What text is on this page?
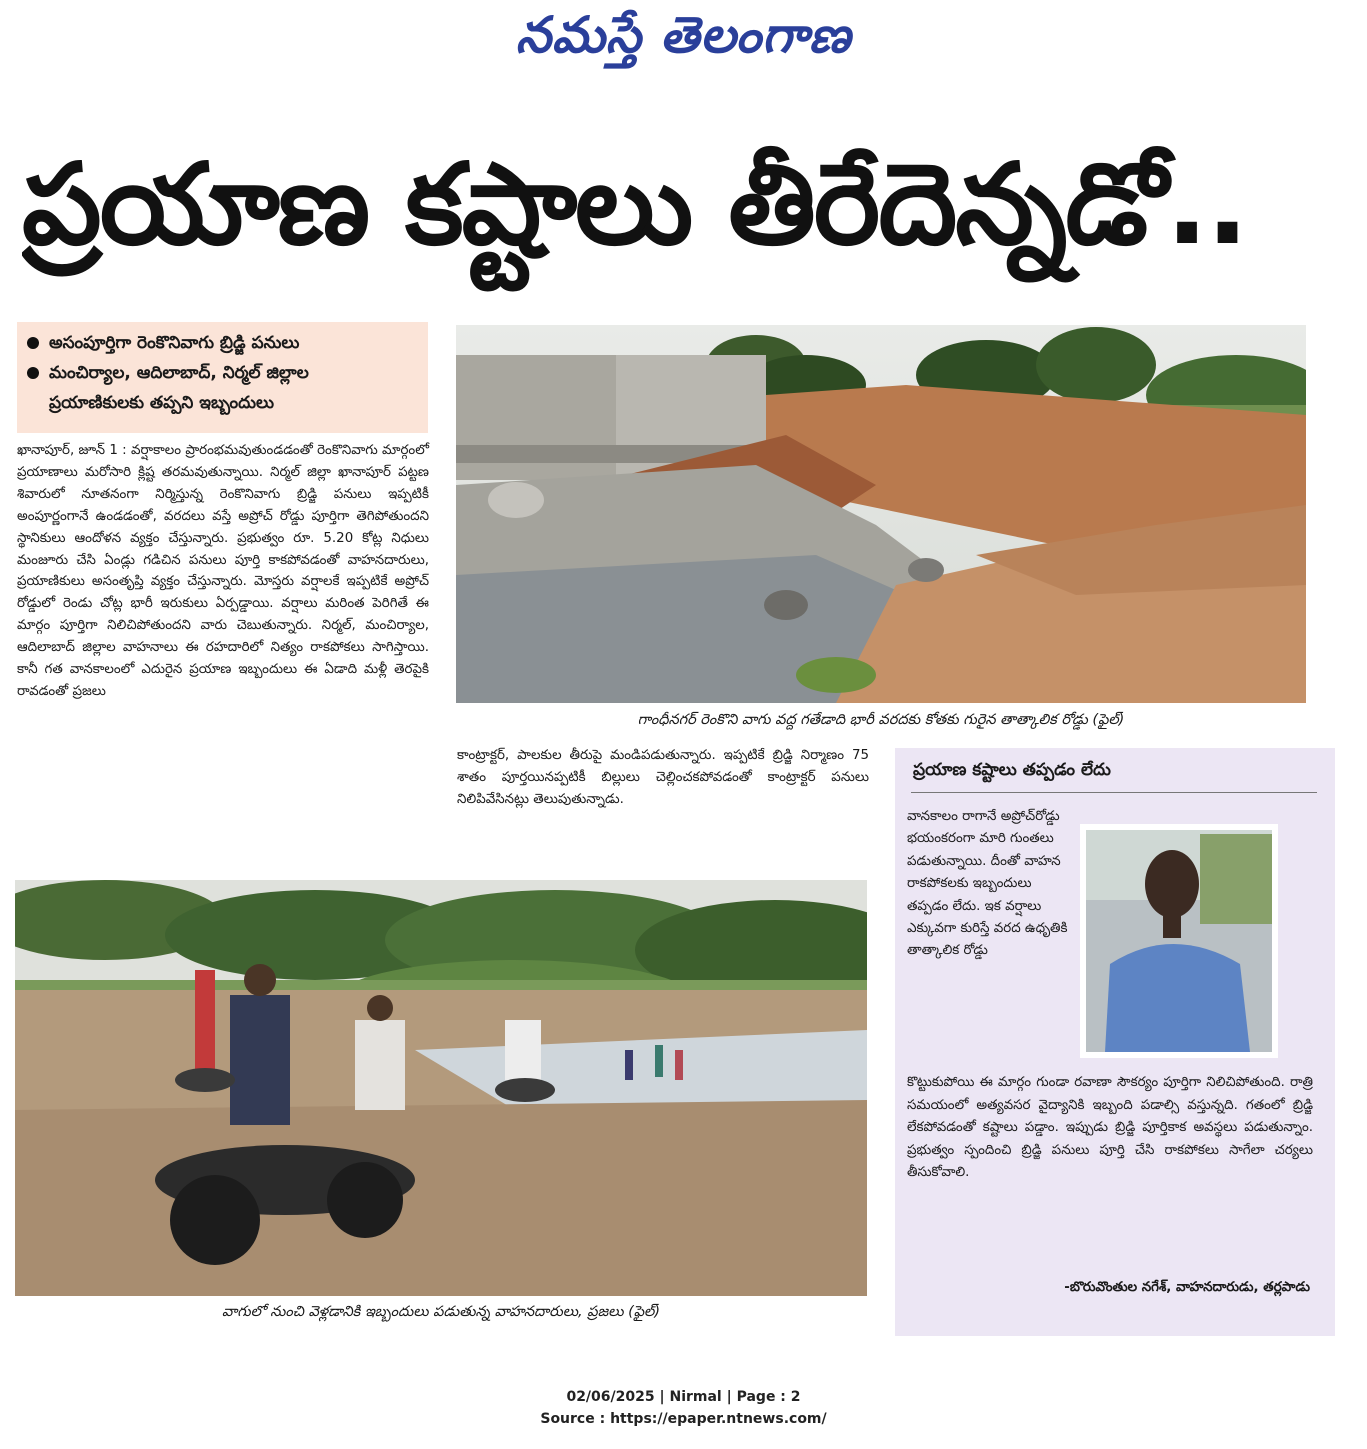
నమస్తే తెలంగాణ
ప్రయాణ కష్టాలు తీరేదెన్నడో..
అసంపూర్తిగా రెంకొనివాగు బ్రిడ్జి పనులు
మంచిర్యాల, ఆదిలాబాద్, నిర్మల్ జిల్లాల
ప్రయాణికులకు తప్పని ఇబ్బందులు
ఖానాపూర్, జూన్ 1 : వర్షాకాలం ప్రారంభమవుతుండడంతో రెంకొనివాగు మార్గంలో ప్రయాణాలు మరోసారి క్లిష్ట తరమవుతున్నాయి. నిర్మల్ జిల్లా ఖానాపూర్ పట్టణ శివారులో నూతనంగా నిర్మిస్తున్న రెంకొనివాగు బ్రిడ్జి పనులు ఇప్పటికీ అంపూర్ణంగానే ఉండడంతో, వరదలు వస్తే అప్రోచ్ రోడ్డు పూర్తిగా తెగిపోతుందని స్థానికులు ఆందోళన వ్యక్తం చేస్తున్నారు. ప్రభుత్వం రూ. 5.20 కోట్ల నిధులు మంజూరు చేసి ఏండ్లు గడిచిన పనులు పూర్తి కాకపోవడంతో వాహనదారులు, ప్రయాణికులు అసంతృప్తి వ్యక్తం చేస్తున్నారు. మోస్తరు వర్షాలకే ఇప్పటికే అప్రోచ్ రోడ్డులో రెండు చోట్ల భారీ ఇరుకులు ఏర్పడ్డాయి. వర్షాలు మరింత పెరిగితే ఈ మార్గం పూర్తిగా నిలిచిపోతుందని వారు చెబుతున్నారు. నిర్మల్, మంచిర్యాల, ఆదిలాబాద్ జిల్లాల వాహనాలు ఈ రహదారిలో నిత్యం రాకపోకలు సాగిస్తాయి. కానీ గత వానకాలంలో ఎదురైన ప్రయాణ ఇబ్బందులు ఈ ఏడాది మళ్లీ తెరపైకి రావడంతో ప్రజలు
గాంధీనగర్ రెంకొని వాగు వద్ద గతేడాది భారీ వరదకు కోతకు గురైన తాత్కాలిక రోడ్డు (ఫైల్)
కాంట్రాక్టర్, పాలకుల తీరుపై మండిపడుతున్నారు. ఇప్పటికే బ్రిడ్జి నిర్మాణం 75 శాతం పూర్తయినప్పటికీ బిల్లులు చెల్లించకపోవడంతో కాంట్రాక్టర్ పనులు నిలిపివేసినట్లు తెలుపుతున్నాడు.
వాగులో నుంచి వెళ్లడానికి ఇబ్బందులు పడుతున్న వాహనదారులు, ప్రజలు (ఫైల్)
ప్రయాణ కష్టాలు తప్పడం లేదు
వానకాలం రాగానే అప్రోచ్‌రోడ్డు భయంకరంగా మారి గుంతలు పడుతున్నాయి. దీంతో వాహన రాకపోకలకు ఇబ్బందులు తప్పడం లేదు. ఇక వర్షాలు ఎక్కువగా కురిస్తే వరద ఉధృతికి తాత్కాలిక రోడ్డు
కొట్టుకుపోయి ఈ మార్గం గుండా రవాణా సౌకర్యం పూర్తిగా నిలిచిపోతుంది. రాత్రి సమయంలో అత్యవసర వైద్యానికి ఇబ్బంది పడాల్సి వస్తున్నది. గతంలో బ్రిడ్జి లేకపోవడంతో కష్టాలు పడ్డాం. ఇప్పుడు బ్రిడ్జి పూర్తికాక అవస్థలు పడుతున్నాం. ప్రభుత్వం స్పందించి బ్రిడ్జి పనులు పూర్తి చేసి రాకపోకలు సాగేలా చర్యలు తీసుకోవాలి.
-బొరువొంతుల నగేశ్, వాహనదారుడు, తర్లపాడు
02/06/2025 | Nirmal | Page : 2
Source : https://epaper.ntnews.com/
